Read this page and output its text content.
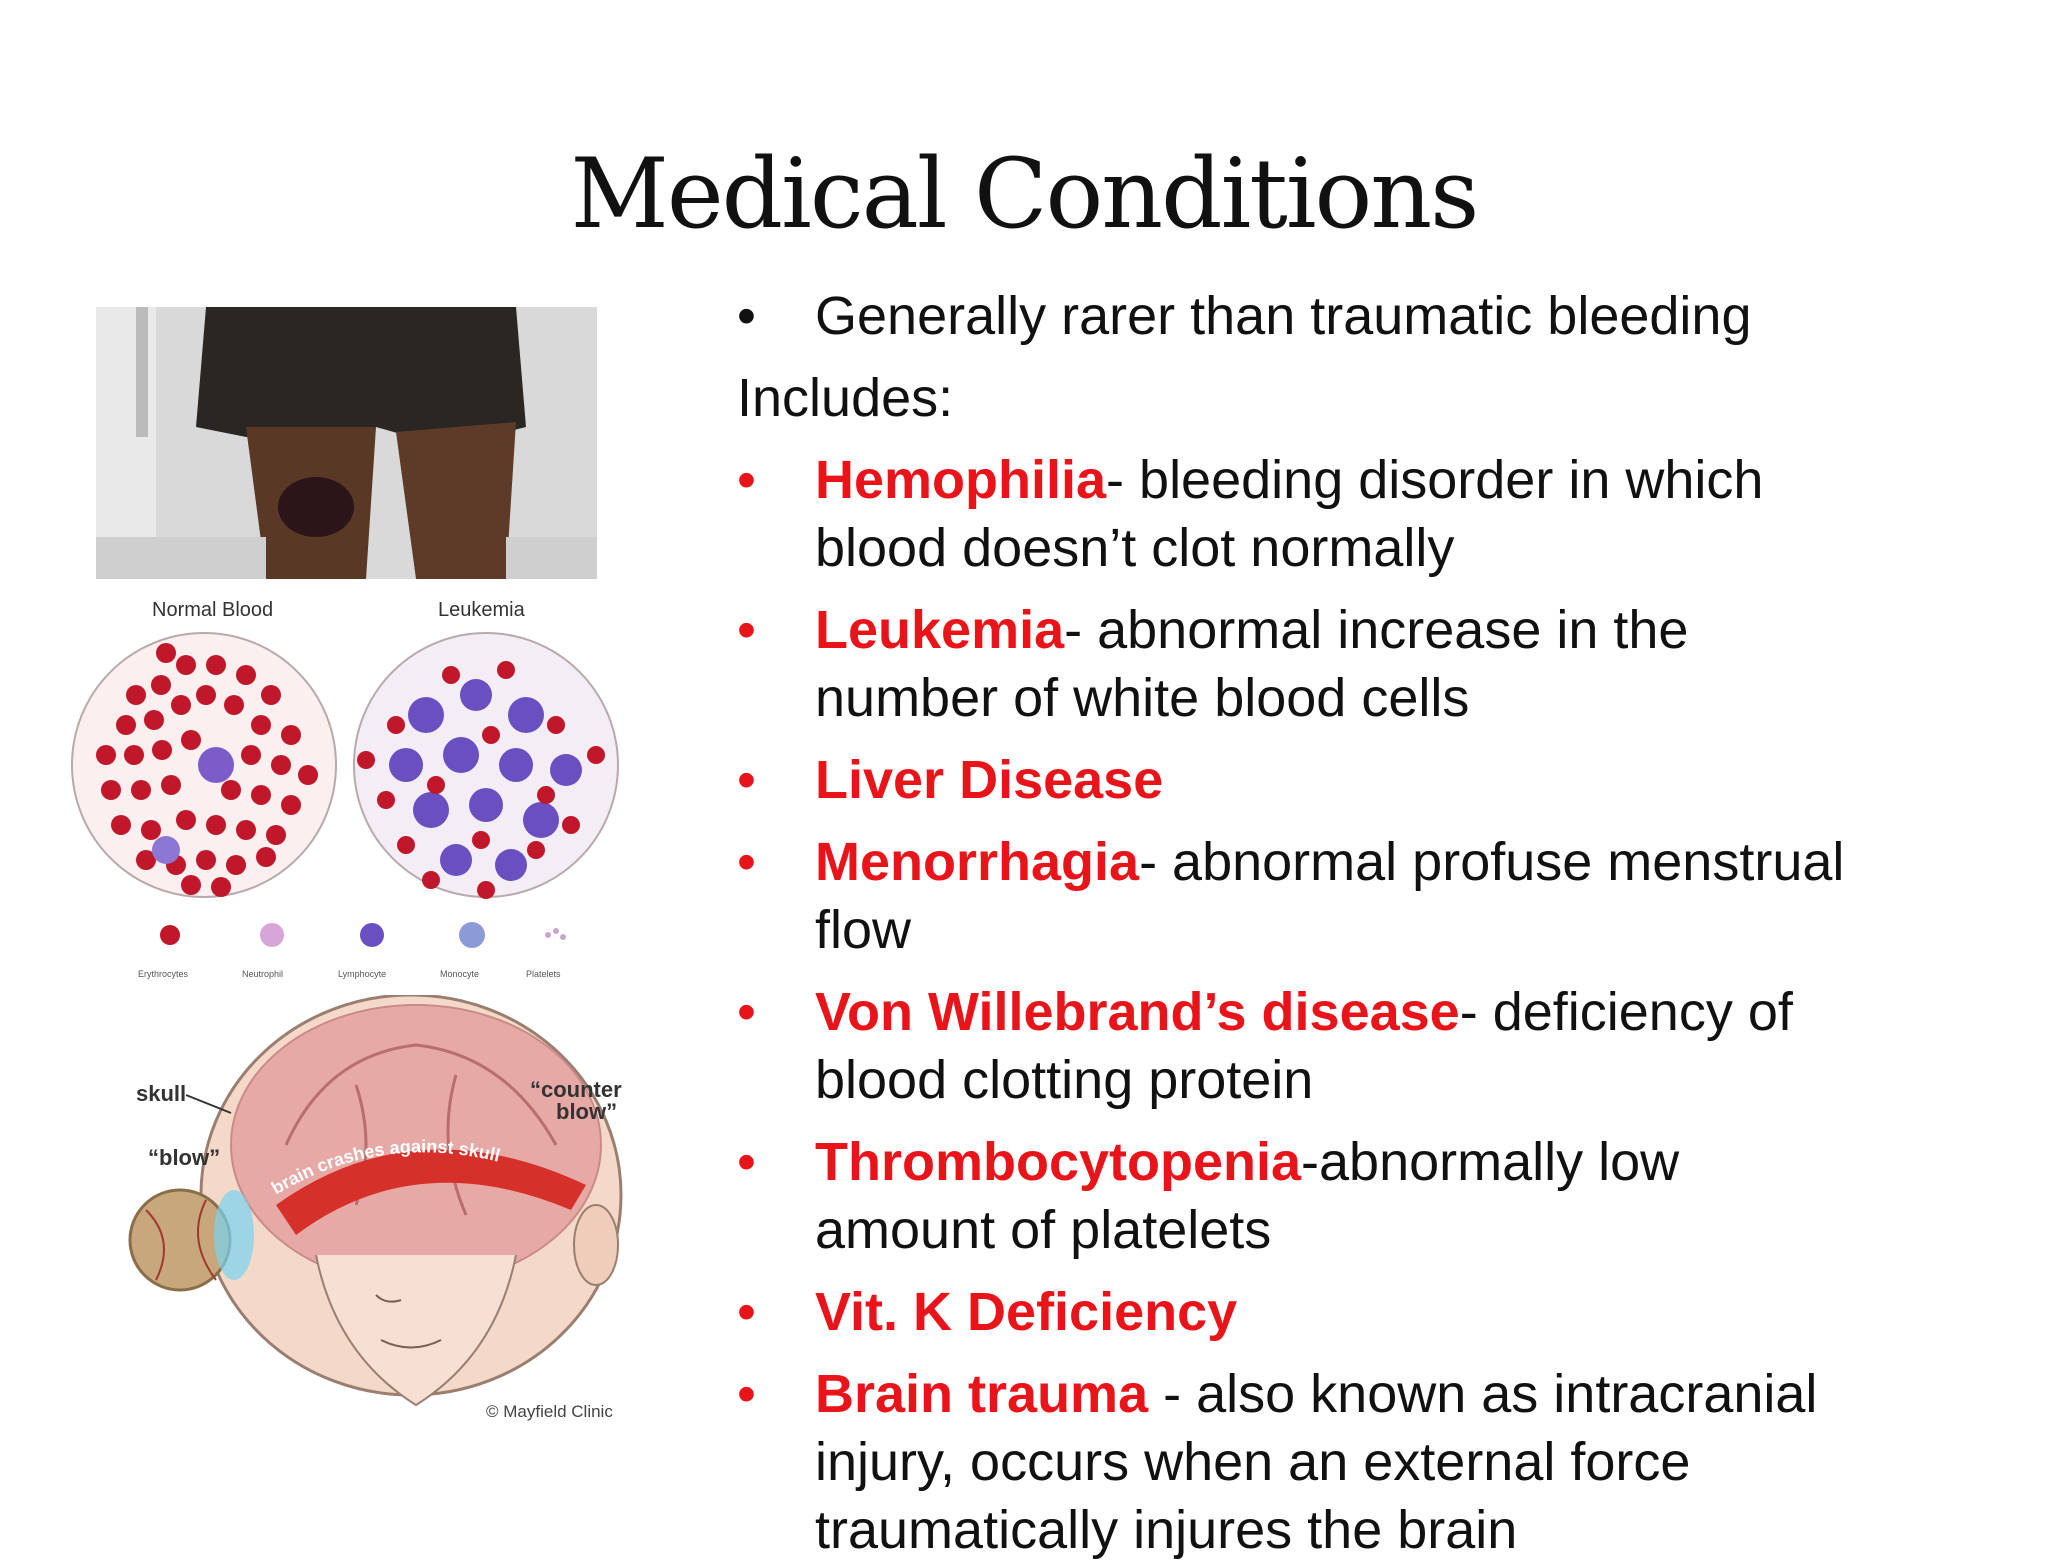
Medical Conditions
Normal Blood	Leukemia
Erythrocytes	Neutrophil	Lymphocyte	Monocyte	Platelets
brain crashes against skull
skull
“blow”
“counter
blow”
© Mayfield Clinic
• Generally rarer than traumatic bleeding
Includes:
• Hemophilia- bleeding disorder in which
blood doesn’t clot normally
• Leukemia- abnormal increase in the
number of white blood cells
• Liver Disease
• Menorrhagia- abnormal profuse menstrual
flow
• Von Willebrand’s disease- deficiency of
blood clotting protein
• Thrombocytopenia-abnormally low
amount of platelets
• Vit. K Deficiency
• Brain trauma - also known as intracranial
injury, occurs when an external force
traumatically injures the brain
